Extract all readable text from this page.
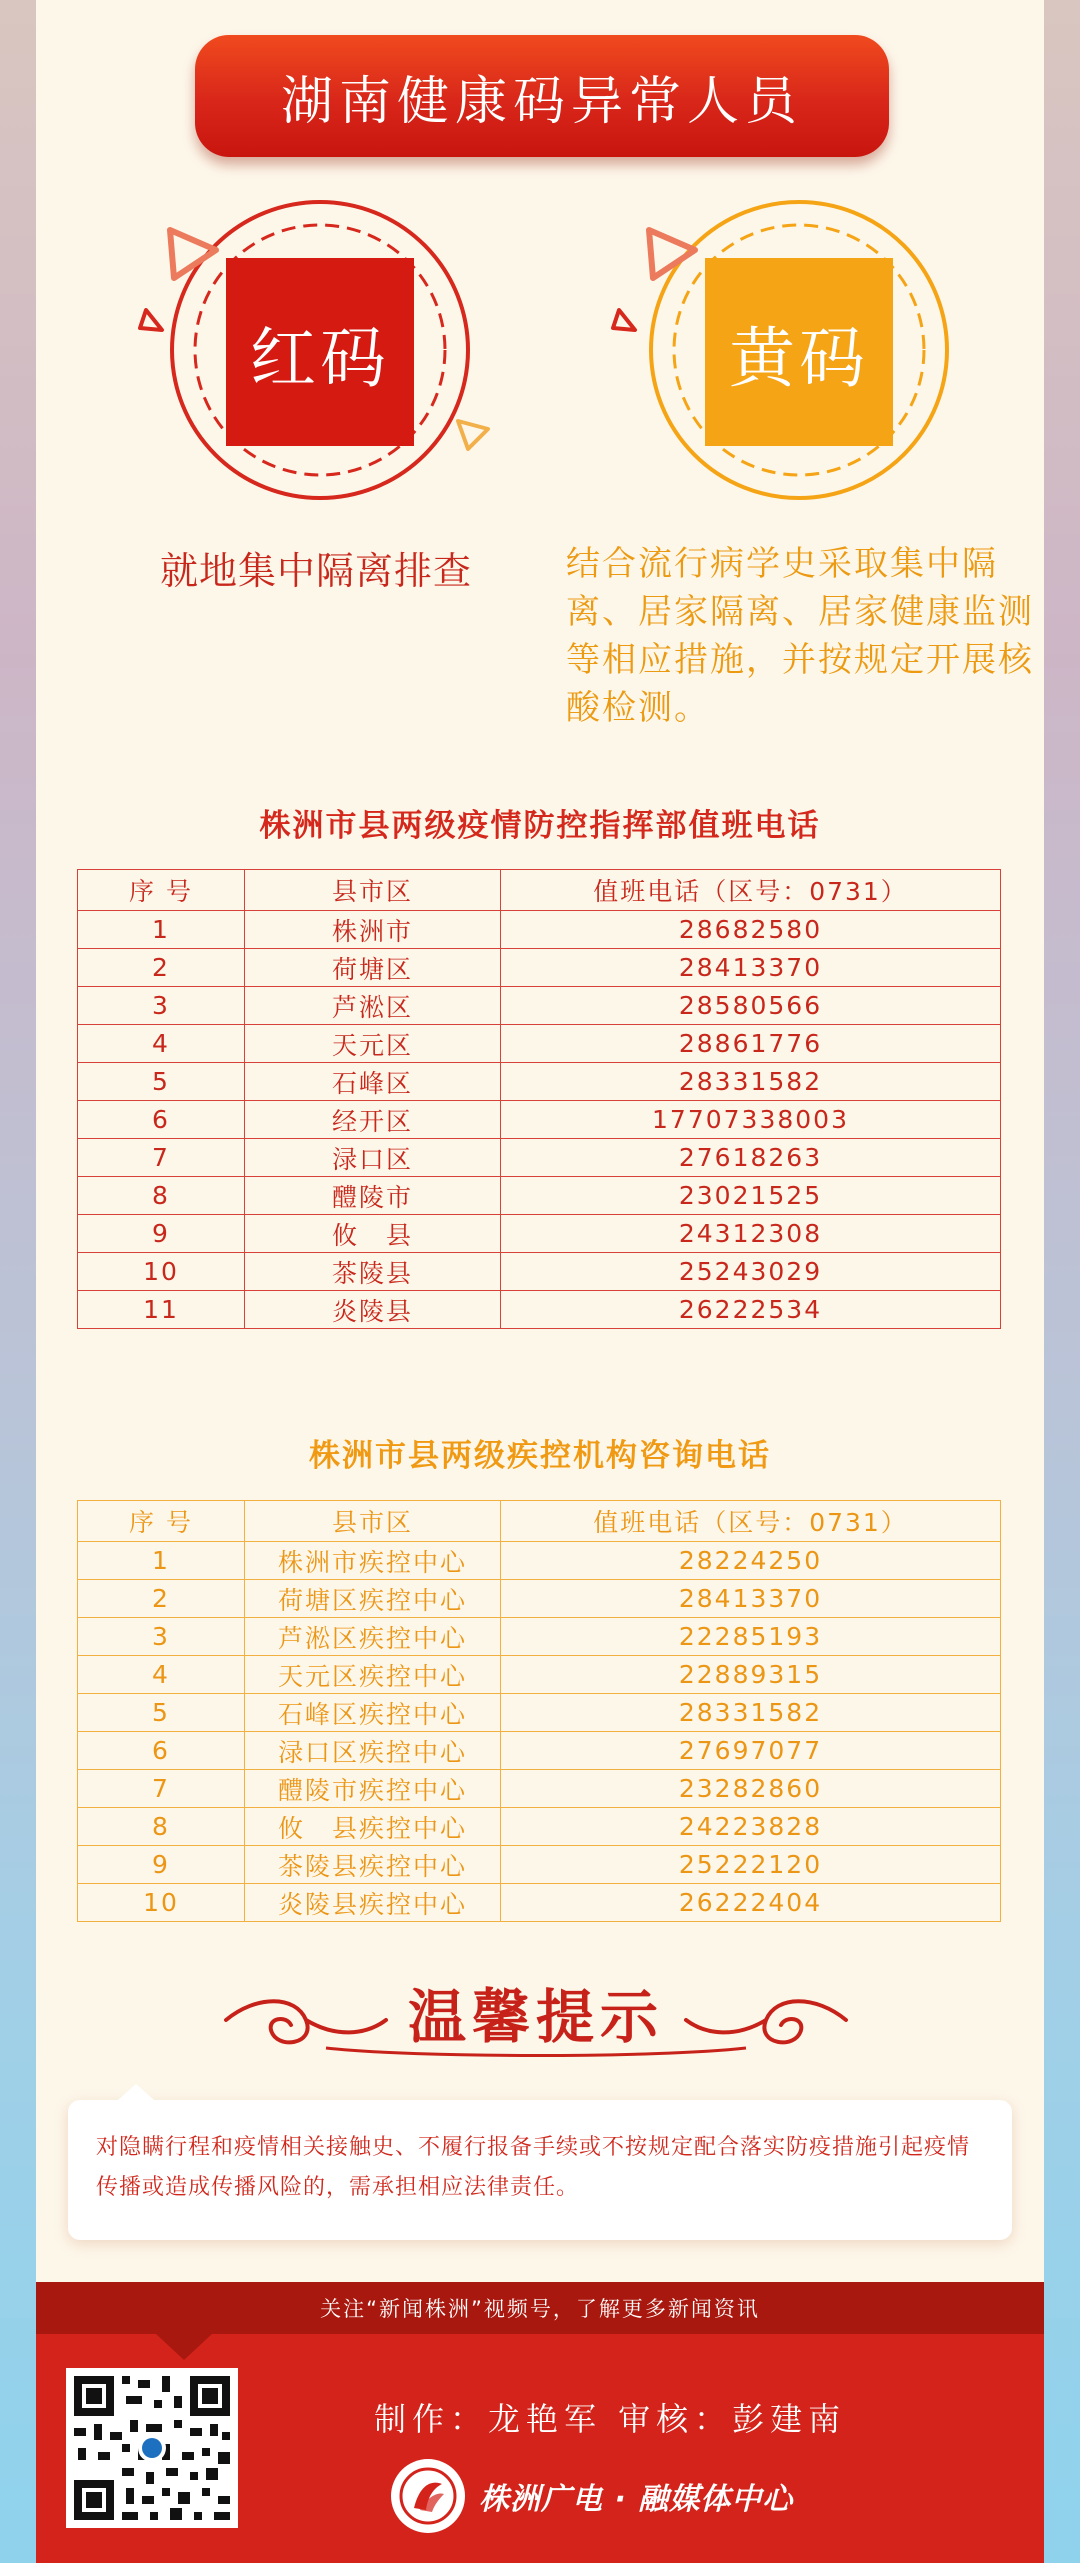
湖南健康码异常人员
红码	黄码
就地集中隔离排查	结合流行病学史采取集中隔离、居家隔离、居家健康监测等相应措施，并按规定开展核酸检测。
株洲市县两级疫情防控指挥部值班电话
序 号	县市区	值班电话（区号：0731）
1	株洲市	28682580
2	荷塘区	28413370
3	芦淞区	28580566
4	天元区	28861776
5	石峰区	28331582
6	经开区	17707338003
7	渌口区	27618263
8	醴陵市	23021525
9	攸　县	24312308
10	茶陵县	25243029
11	炎陵县	26222534
株洲市县两级疾控机构咨询电话
序 号	县市区	值班电话（区号：0731）
1	株洲市疾控中心	28224250
2	荷塘区疾控中心	28413370
3	芦淞区疾控中心	22285193
4	天元区疾控中心	22889315
5	石峰区疾控中心	28331582
6	渌口区疾控中心	27697077
7	醴陵市疾控中心	23282860
8	攸　县疾控中心	24223828
9	茶陵县疾控中心	25222120
10	炎陵县疾控中心	26222404
温馨提示
对隐瞒行程和疫情相关接触史、不履行报备手续或不按规定配合落实防疫措施引起疫情传播或造成传播风险的，需承担相应法律责任。
关注“新闻株洲”视频号，了解更多新闻资讯
制作：龙艳军 审核：彭建南
株洲广电 · 融媒体中心
